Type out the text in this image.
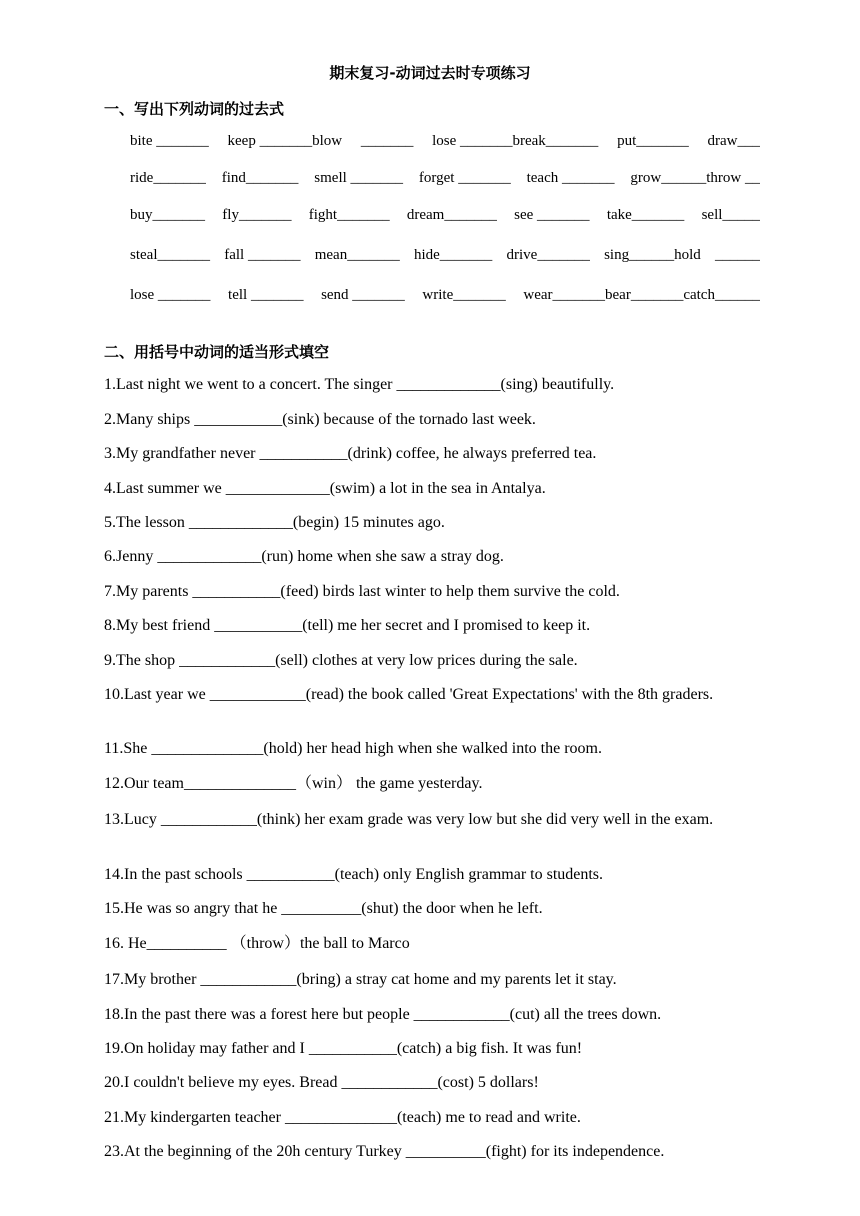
期末复习-动词过去时专项练习
一、写出下列动词的过去式
bite _______ keep _______blow _______ lose _______break_______ put_______ draw___
ride_______ find_______ smell _______ forget _______ teach _______ grow______throw __
buy_______ fly_______ fight_______ dream_______ see _______ take_______ sell_____
steal_______ fall _______ mean_______ hide_______ drive_______ sing______hold ______
lose _______ tell _______ send _______ write_______ wear_______bear_______catch______
二、用括号中动词的适当形式填空
1.Last night we went to a concert. The singer _____________(sing) beautifully.
2.Many ships ___________(sink) because of the tornado last week.
3.My grandfather never ___________(drink) coffee, he always preferred tea.
4.Last summer we _____________(swim) a lot in the sea in Antalya.
5.The lesson _____________(begin) 15 minutes ago.
6.Jenny _____________(run) home when she saw a stray dog.
7.My parents ___________(feed) birds last winter to help them survive the cold.
8.My best friend ___________(tell) me her secret and I promised to keep it.
9.The shop ____________(sell) clothes at very low prices during the sale.
10.Last year we ____________(read) the book called 'Great Expectations' with the 8th graders.
11.She ______________(hold) her head high when she walked into the room.
12.Our team______________（win） the game yesterday.
13.Lucy ____________(think) her exam grade was very low but she did very well in the exam.
14.In the past schools ___________(teach) only English grammar to students.
15.He was so angry that he __________(shut) the door when he left.
16. He__________ （throw）the ball to Marco
17.My brother ____________(bring) a stray cat home and my parents let it stay.
18.In the past there was a forest here but people ____________(cut) all the trees down.
19.On holiday may father and I ___________(catch) a big fish. It was fun!
20.I couldn't believe my eyes. Bread ____________(cost) 5 dollars!
21.My kindergarten teacher ______________(teach) me to read and write.
23.At the beginning of the 20h century Turkey __________(fight) for its independence.
